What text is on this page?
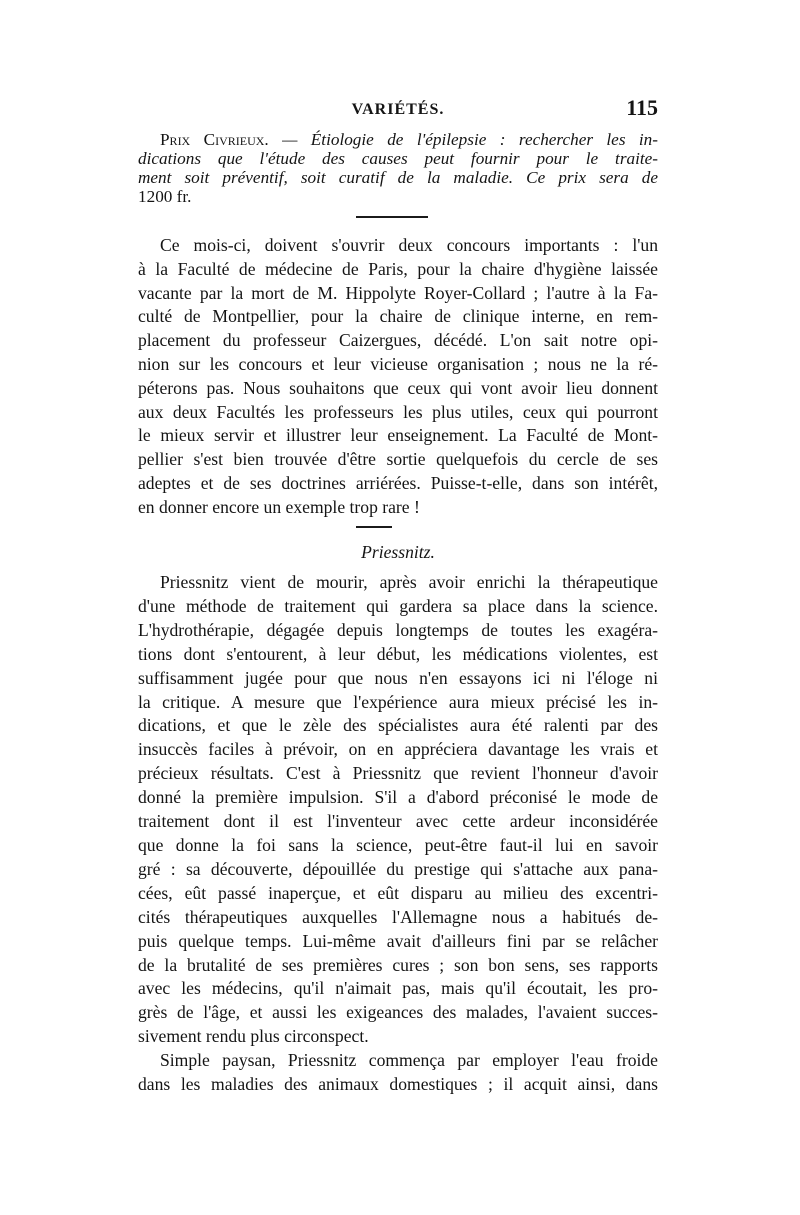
VARIÉTÉS.	115
Prix Civrieux. — Étiologie de l'épilepsie : rechercher les in-
dications que l'étude des causes peut fournir pour le traite-
ment soit préventif, soit curatif de la maladie. Ce prix sera de
1200 fr.
Ce mois-ci, doivent s'ouvrir deux concours importants : l'un
à la Faculté de médecine de Paris, pour la chaire d'hygiène laissée
vacante par la mort de M. Hippolyte Royer-Collard ; l'autre à la Fa-
culté de Montpellier, pour la chaire de clinique interne, en rem-
placement du professeur Caizergues, décédé. L'on sait notre opi-
nion sur les concours et leur vicieuse organisation ; nous ne la ré-
péterons pas. Nous souhaitons que ceux qui vont avoir lieu donnent
aux deux Facultés les professeurs les plus utiles, ceux qui pourront
le mieux servir et illustrer leur enseignement. La Faculté de Mont-
pellier s'est bien trouvée d'être sortie quelquefois du cercle de ses
adeptes et de ses doctrines arriérées. Puisse-t-elle, dans son intérêt,
en donner encore un exemple trop rare !
Priessnitz.
Priessnitz vient de mourir, après avoir enrichi la thérapeutique
d'une méthode de traitement qui gardera sa place dans la science.
L'hydrothérapie, dégagée depuis longtemps de toutes les exagéra-
tions dont s'entourent, à leur début, les médications violentes, est
suffisamment jugée pour que nous n'en essayons ici ni l'éloge ni
la critique. A mesure que l'expérience aura mieux précisé les in-
dications, et que le zèle des spécialistes aura été ralenti par des
insuccès faciles à prévoir, on en appréciera davantage les vrais et
précieux résultats. C'est à Priessnitz que revient l'honneur d'avoir
donné la première impulsion. S'il a d'abord préconisé le mode de
traitement dont il est l'inventeur avec cette ardeur inconsidérée
que donne la foi sans la science, peut-être faut-il lui en savoir
gré : sa découverte, dépouillée du prestige qui s'attache aux pana-
cées, eût passé inaperçue, et eût disparu au milieu des excentri-
cités thérapeutiques auxquelles l'Allemagne nous a habitués de-
puis quelque temps. Lui-même avait d'ailleurs fini par se relâcher
de la brutalité de ses premières cures ; son bon sens, ses rapports
avec les médecins, qu'il n'aimait pas, mais qu'il écoutait, les pro-
grès de l'âge, et aussi les exigeances des malades, l'avaient succes-
sivement rendu plus circonspect.
Simple paysan, Priessnitz commença par employer l'eau froide
dans les maladies des animaux domestiques ; il acquit ainsi, dans
